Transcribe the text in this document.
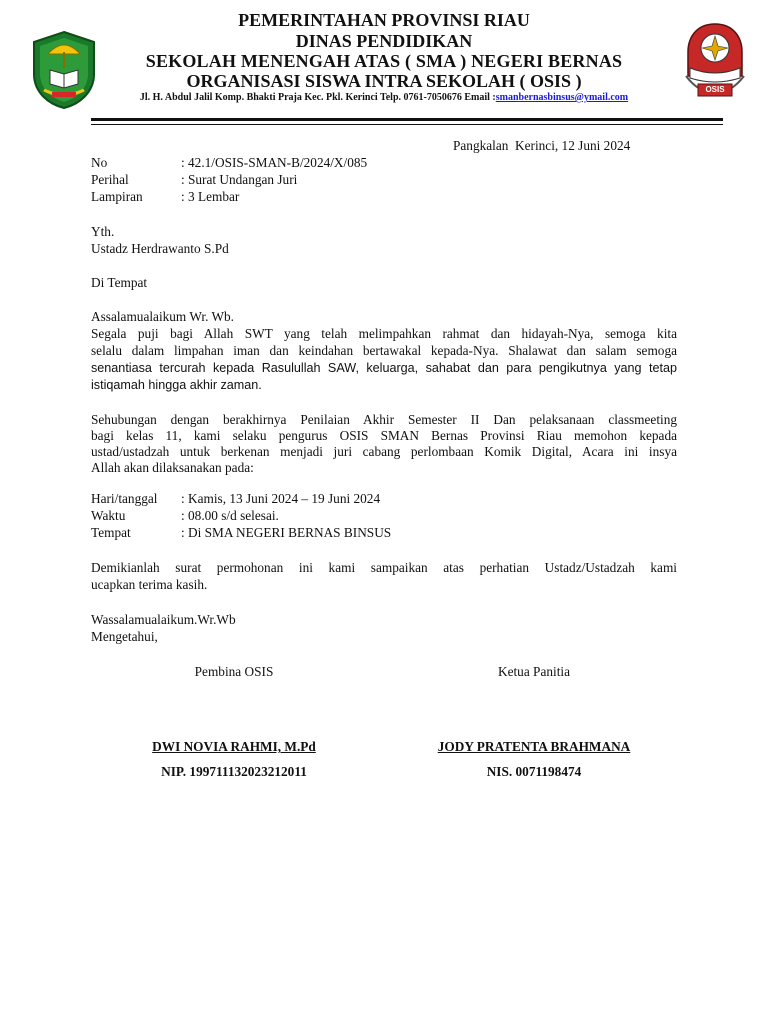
OSIS
PEMERINTAHAN PROVINSI RIAU
DINAS PENDIDIKAN
SEKOLAH MENENGAH ATAS ( SMA ) NEGERI BERNAS
ORGANISASI SISWA INTRA SEKOLAH ( OSIS )
Jl. H. Abdul Jalil Komp. Bhakti Praja Kec. Pkl. Kerinci Telp. 0761-7050676 Email :smanbernasbinsus@ymail.com
Pangkalan  Kerinci, 12 Juni 2024
No	: 42.1/OSIS-SMAN-B/2024/X/085
Perihal	: Surat Undangan Juri
Lampiran	: 3 Lembar
Yth.
Ustadz Herdrawanto S.Pd
Di Tempat
Assalamualaikum Wr. Wb.
Segala puji bagi Allah SWT yang telah melimpahkan rahmat dan hidayah-Nya, semoga kita
selalu dalam limpahan iman dan keindahan bertawakal kepada-Nya. Shalawat dan salam semoga
senantiasa tercurah kepada Rasulullah SAW, keluarga, sahabat dan para pengikutnya yang tetap
istiqamah hingga akhir zaman.
Sehubungan dengan berakhirnya Penilaian Akhir Semester II Dan pelaksanaan classmeeting
bagi kelas 11, kami selaku pengurus OSIS SMAN Bernas Provinsi Riau memohon kepada
ustad/ustadzah untuk berkenan menjadi juri cabang perlombaan Komik Digital, Acara ini insya
Allah akan dilaksanakan pada:
Hari/tanggal : Kamis, 13 Juni 2024 – 19 Juni 2024
Waktu	: 08.00 s/d selesai.
Tempat	: Di SMA NEGERI BERNAS BINSUS
Demikianlah surat permohonan ini kami sampaikan atas perhatian Ustadz/Ustadzah kami
ucapkan terima kasih.
Wassalamualaikum.Wr.Wb
Mengetahui,
Pembina OSIS	Ketua Panitia
DWI NOVIA RAHMI, M.Pd	JODY PRATENTA BRAHMANA
NIP. 199711132023212011	NIS. 0071198474
